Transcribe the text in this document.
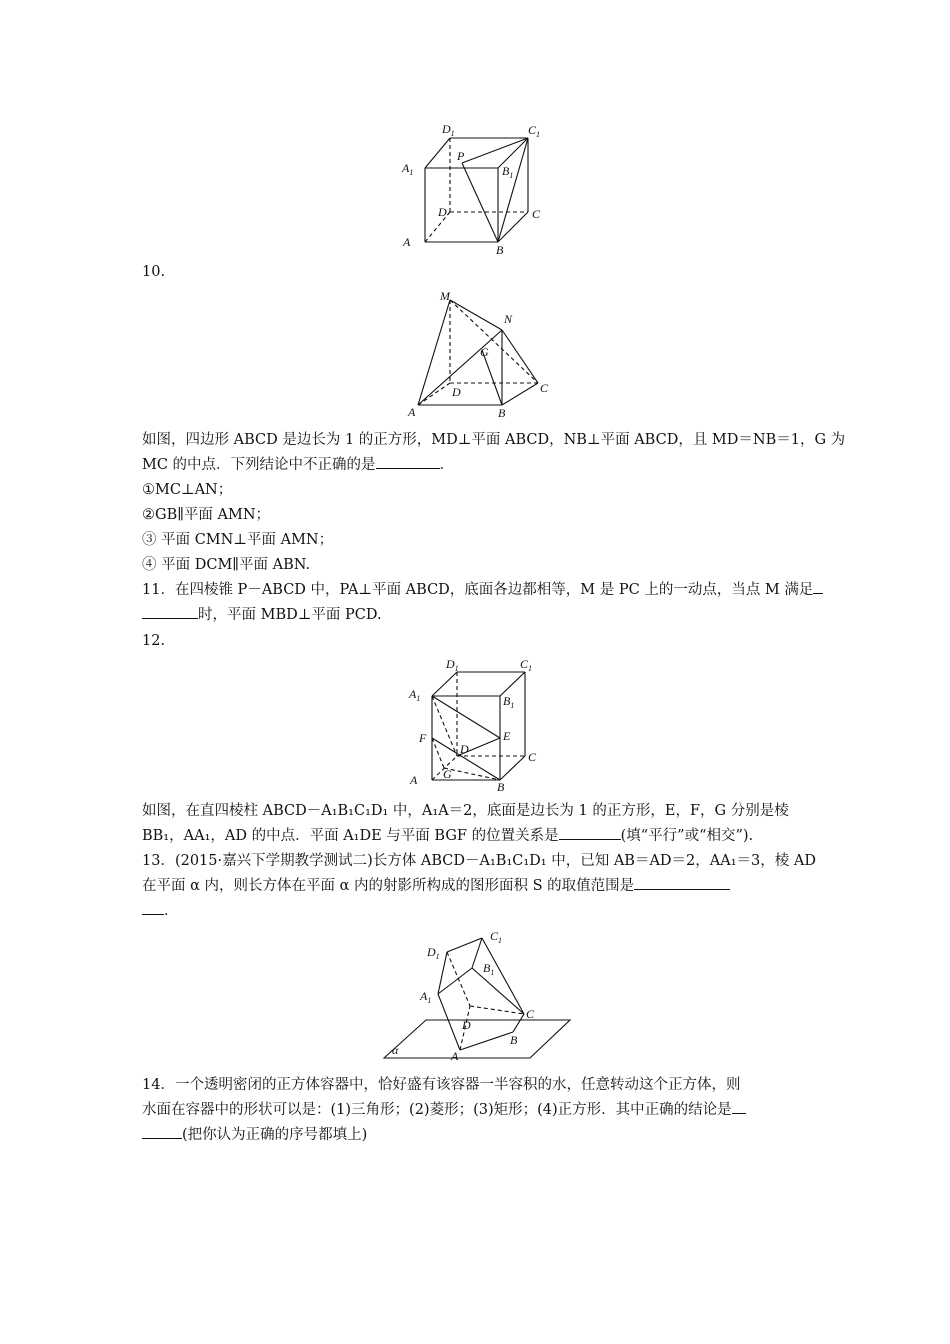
A
B
C
D
$A_1$	$B_1$
$C_1$
$D_1$
P
10.
M
N
G
A	B
C
D
如图，四边形 ABCD 是边长为 1 的正方形，MD⊥平面 ABCD，NB⊥平面 ABCD，且 MD＝NB＝1，G 为
MC 的中点．下列结论中不正确的是	．
①MC⊥AN；
②GB∥平面 AMN；
③ 平面 CMN⊥平面 AMN；
④ 平面 DCM∥平面 ABN.
11．在四棱锥 P－ABCD 中，PA⊥平面 ABCD，底面各边都相等，M 是 PC 上的一动点，当点 M 满足
时，平面 MBD⊥平面 PCD.
12.
A	B
C
D
E
F
G
$A_1$	$B_1$
$C_1$
$D_1$
如图，在直四棱柱 ABCD－A₁B₁C₁D₁ 中，A₁A＝2，底面是边长为 1 的正方形，E，F，G 分别是棱
BB₁，AA₁，AD 的中点．平面 A₁DE 与平面 BGF 的位置关系是	(填“平行”或“相交”).
13．(2015·嘉兴下学期教学测试二)长方体 ABCD－A₁B₁C₁D₁ 中，已知 AB＝AD＝2，AA₁＝3，棱 AD
在平面 α 内，则长方体在平面 α 内的射影所构成的图形面积 S 的取值范围是
．
α	A
B
C
D
$A_1$
$B_1$
$C_1$
$D_1$
14．一个透明密闭的正方体容器中，恰好盛有该容器一半容积的水，任意转动这个正方体，则
水面在容器中的形状可以是：(1)三角形；(2)菱形；(3)矩形；(4)正方形．其中正确的结论是
(把你认为正确的序号都填上)
